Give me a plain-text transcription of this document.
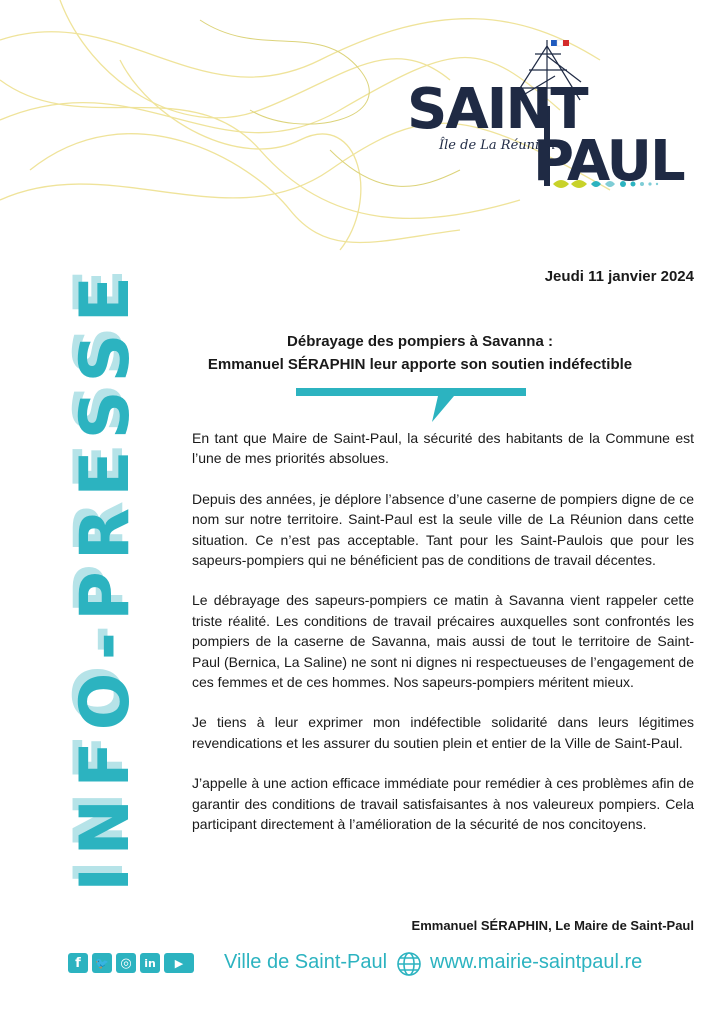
SAINT
Île de La Réunion
PAUL
INFO-PRESSE	Jeudi 11 janvier 2024
Débrayage des pompiers à Savanna :
Emmanuel SÉRAPHIN leur apporte son soutien indéfectible

En tant que Maire de Saint-Paul, la sécurité des habitants de la Commune est l’une de mes priorités absolues.

Depuis des années, je déplore l’absence d’une caserne de pompiers digne de ce nom sur notre territoire. Saint-Paul est la seule ville de La Réunion dans cette situation. Ce n’est pas acceptable. Tant pour les Saint-Paulois que pour les sapeurs-pompiers qui ne bénéficient pas de conditions de travail décentes.

Le débrayage des sapeurs-pompiers ce matin à Savanna vient rappeler cette triste réalité. Les conditions de travail précaires auxquelles sont confrontés les pompiers de la caserne de Savanna, mais aussi de tout le territoire de Saint-Paul (Bernica, La Saline) ne sont ni dignes ni respectueuses de l’engagement de ces femmes et de ces hommes. Nos sapeurs-pompiers méritent mieux.

Je tiens à leur exprimer mon indéfectible solidarité dans leurs légitimes revendications et les assurer du soutien plein et entier de la Ville de Saint-Paul.

J’appelle à une action efficace immédiate pour remédier à ces problèmes afin de garantir des conditions de travail satisfaisantes à nos valeureux pompiers. Cela participant directement à l’amélioration de la sécurité de nos concitoyens.

Emmanuel SÉRAPHIN, Le Maire de Saint-Paul
f	🐦 ◎	in	▶	Ville de Saint-Paul www.mairie-saintpaul.re
